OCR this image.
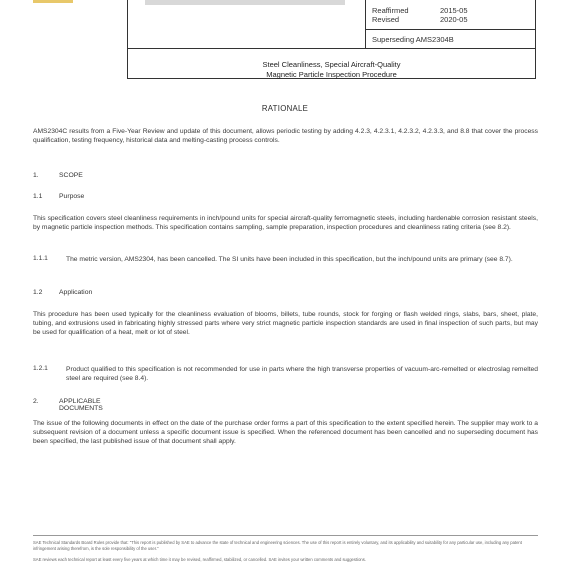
Reaffirmed	2015-05
Revised	2020-05
Superseding AMS2304B
Steel Cleanliness, Special Aircraft-Quality
Magnetic Particle Inspection Procedure
RATIONALE
AMS2304C results from a Five-Year Review and update of this document, allows periodic testing by adding 4.2.3, 4.2.3.1, 4.2.3.2, 4.2.3.3, and 8.8 that cover the process qualification, testing frequency, historical data and melting-casting process controls.
1.	SCOPE
1.1 Purpose
This specification covers steel cleanliness requirements in inch/pound units for special aircraft-quality ferromagnetic steels, including hardenable corrosion resistant steels, by magnetic particle inspection methods. This specification contains sampling, sample preparation, inspection procedures and cleanliness rating criteria (see 8.2).
1.1.1	The metric version, AMS2304, has been cancelled. The SI units have been included in this specification, but the inch/pound units are primary (see 8.7).
1.2 Application
This procedure has been used typically for the cleanliness evaluation of blooms, billets, tube rounds, stock for forging or flash welded rings, slabs, bars, sheet, plate, tubing, and extrusions used in fabricating highly stressed parts where very strict magnetic particle inspection standards are used in final inspection of such parts, but may be used for qualification of a heat, melt or lot of steel.
1.2.1	Product qualified to this specification is not recommended for use in parts where the high transverse properties of vacuum-arc-remelted or electroslag remelted steel are required (see 8.4).
2.	APPLICABLE DOCUMENTS
The issue of the following documents in effect on the date of the purchase order forms a part of this specification to the extent specified herein. The supplier may work to a subsequent revision of a document unless a specific document issue is specified. When the referenced document has been cancelled and no superseding document has been specified, the last published issue of that document shall apply.
SAE Technical Standards Board Rules provide that: "This report is published by SAE to advance the state of technical and engineering sciences. The use of this report is entirely voluntary, and its applicability and suitability for any particular use, including any patent infringement arising therefrom, is the sole responsibility of the user."
SAE reviews each technical report at least every five years at which time it may be revised, reaffirmed, stabilized, or cancelled. SAE invites your written comments and suggestions.
